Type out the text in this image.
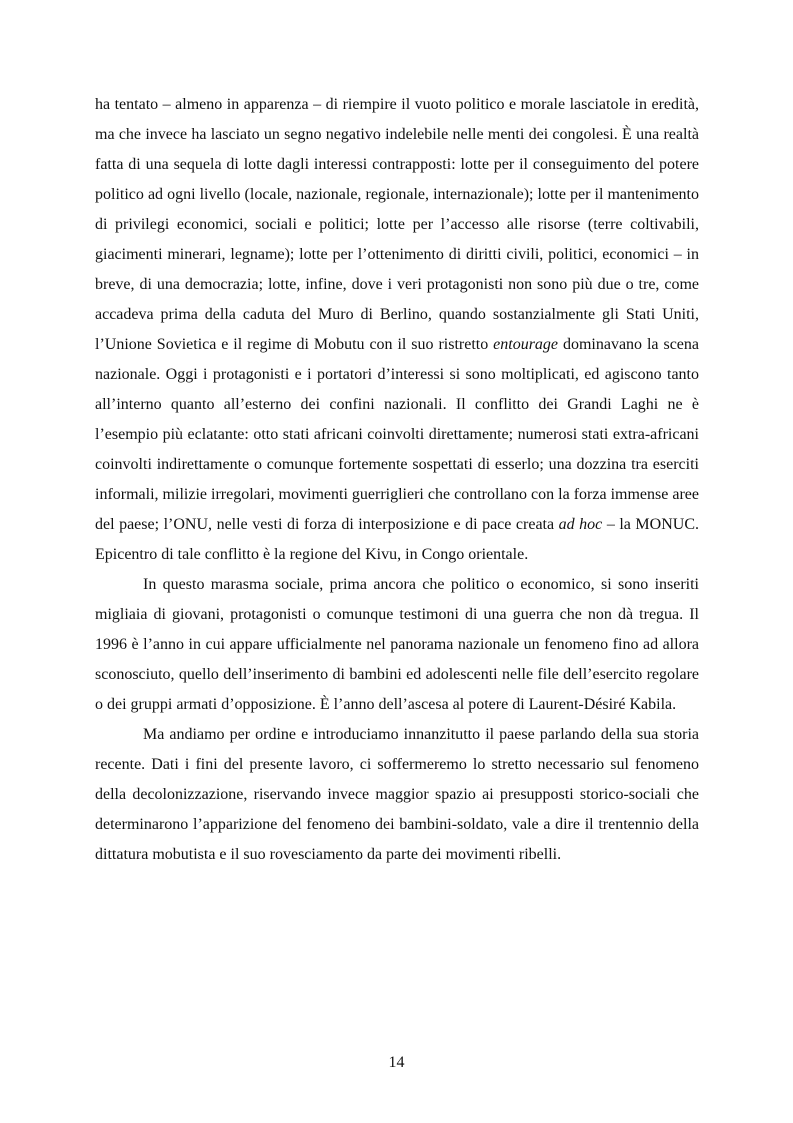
ha tentato – almeno in apparenza – di riempire il vuoto politico e morale lasciatole in eredità, ma che invece ha lasciato un segno negativo indelebile nelle menti dei congolesi. È una realtà fatta di una sequela di lotte dagli interessi contrapposti: lotte per il conseguimento del potere politico ad ogni livello (locale, nazionale, regionale, internazionale); lotte per il mantenimento di privilegi economici, sociali e politici; lotte per l’accesso alle risorse (terre coltivabili, giacimenti minerari, legname); lotte per l’ottenimento di diritti civili, politici, economici – in breve, di una democrazia; lotte, infine, dove i veri protagonisti non sono più due o tre, come accadeva prima della caduta del Muro di Berlino, quando sostanzialmente gli Stati Uniti, l’Unione Sovietica e il regime di Mobutu con il suo ristretto entourage dominavano la scena nazionale. Oggi i protagonisti e i portatori d’interessi si sono moltiplicati, ed agiscono tanto all’interno quanto all’esterno dei confini nazionali. Il conflitto dei Grandi Laghi ne è l’esempio più eclatante: otto stati africani coinvolti direttamente; numerosi stati extra-africani coinvolti indirettamente o comunque fortemente sospettati di esserlo; una dozzina tra eserciti informali, milizie irregolari, movimenti guerriglieri che controllano con la forza immense aree del paese; l’ONU, nelle vesti di forza di interposizione e di pace creata ad hoc – la MONUC. Epicentro di tale conflitto è la regione del Kivu, in Congo orientale.

In questo marasma sociale, prima ancora che politico o economico, si sono inseriti migliaia di giovani, protagonisti o comunque testimoni di una guerra che non dà tregua. Il 1996 è l’anno in cui appare ufficialmente nel panorama nazionale un fenomeno fino ad allora sconosciuto, quello dell’inserimento di bambini ed adolescenti nelle file dell’esercito regolare o dei gruppi armati d’opposizione. È l’anno dell’ascesa al potere di Laurent-Désiré Kabila.

Ma andiamo per ordine e introduciamo innanzitutto il paese parlando della sua storia recente. Dati i fini del presente lavoro, ci soffermeremo lo stretto necessario sul fenomeno della decolonizzazione, riservando invece maggior spazio ai presupposti storico-sociali che determinarono l’apparizione del fenomeno dei bambini-soldato, vale a dire il trentennio della dittatura mobutista e il suo rovesciamento da parte dei movimenti ribelli.

14
